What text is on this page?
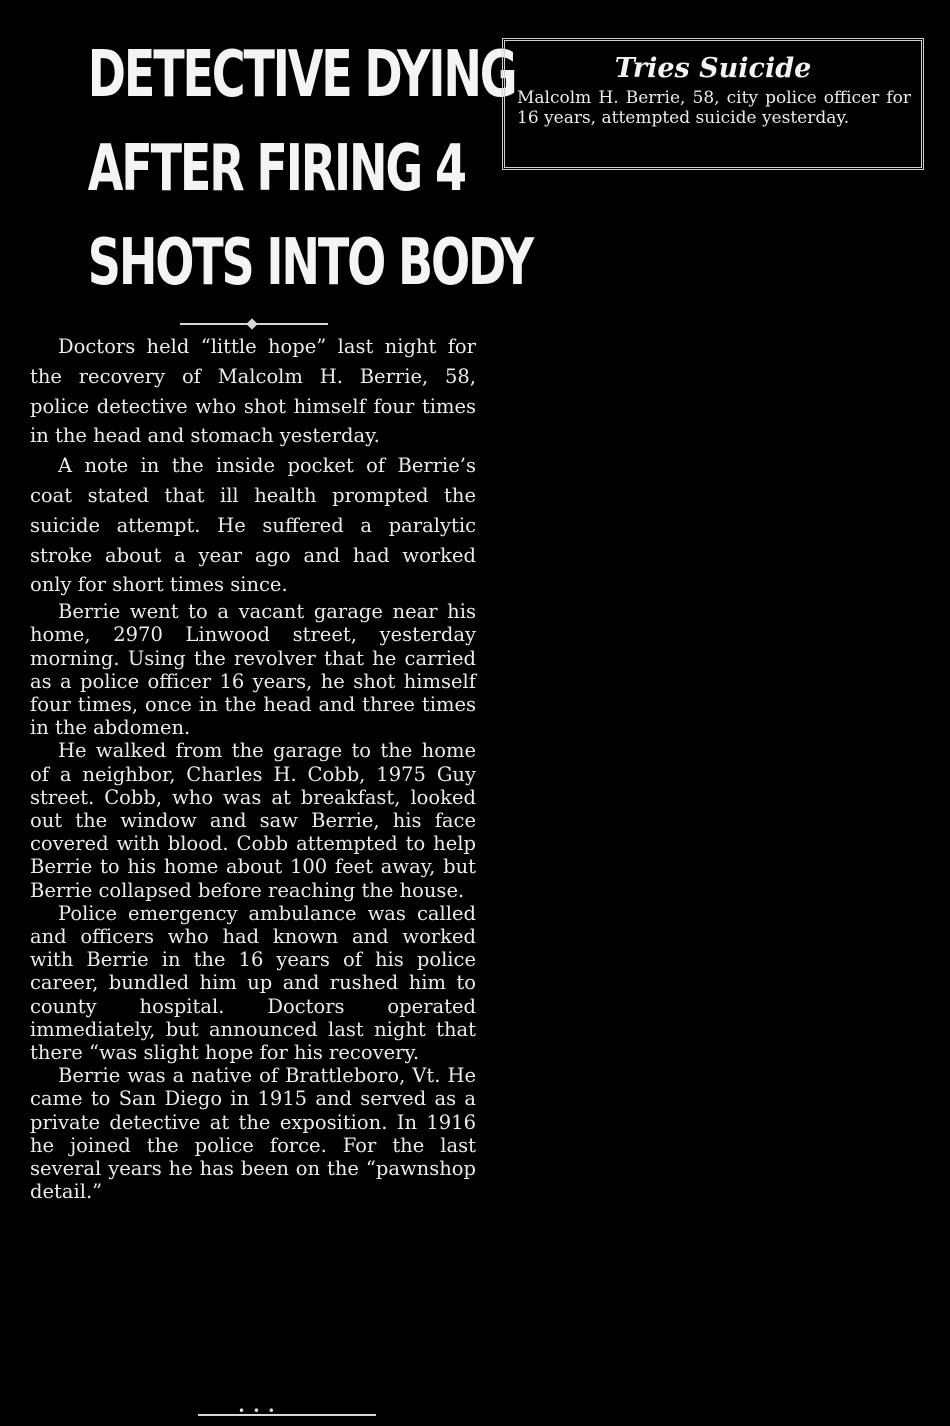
DETECTIVE DYING
AFTER FIRING 4
SHOTS INTO BODY

Doctors held “little hope” last night for the recovery of Malcolm H. Berrie, 58, police detective who shot himself four times in the head and stomach yesterday.

A note in the inside pocket of Berrie’s coat stated that ill health prompted the suicide attempt. He suffered a paralytic stroke about a year ago and had worked only for short times since.

Berrie went to a vacant garage near his home, 2970 Linwood street, yesterday morning. Using the revolver that he carried as a police officer 16 years, he shot himself four times, once in the head and three times in the abdomen.

He walked from the garage to the home of a neighbor, Charles H. Cobb, 1975 Guy street. Cobb, who was at breakfast, looked out the window and saw Berrie, his face covered with blood. Cobb attempted to help Berrie to his home about 100 feet away, but Berrie collapsed before reaching the house.

Police emergency ambulance was called and officers who had known and worked with Berrie in the 16 years of his police career, bundled him up and rushed him to county hospital. Doctors operated immediately, but announced last night that there “was slight hope for his recovery.

Berrie was a native of Brattleboro, Vt. He came to San Diego in 1915 and served as a private detective at the exposition. In 1916 he joined the police force. For the last several years he has been on the “pawnshop detail.”

• • •
Tries Suicide
Malcolm H. Berrie, 58, city police officer for 16 years, attempted suicide yesterday.
